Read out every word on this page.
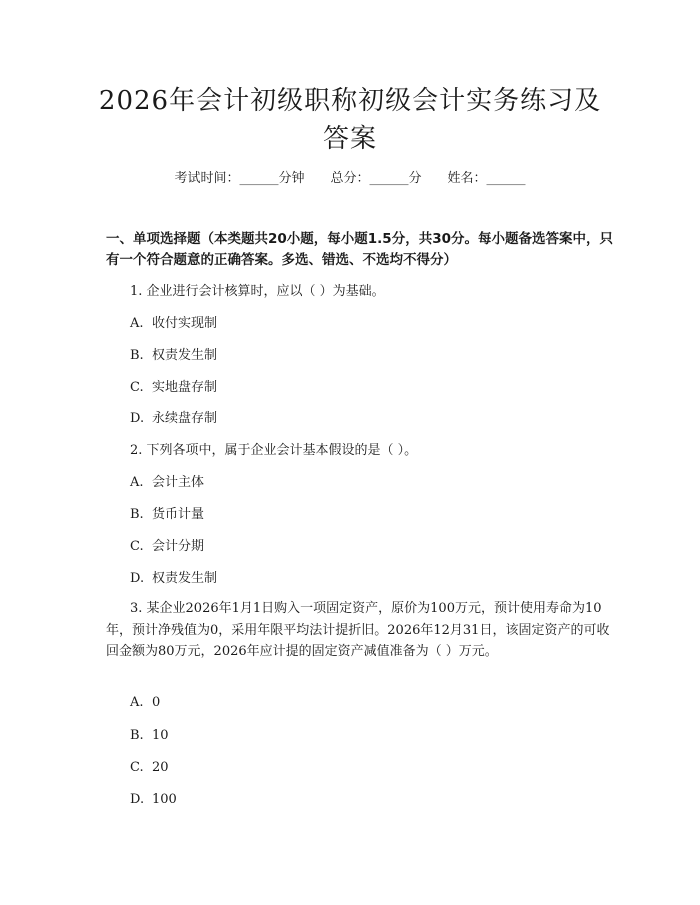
2026年会计初级职称初级会计实务练习及答案
考试时间：______分钟 总分：______分 姓名：______
一、单项选择题（本类题共20小题，每小题1.5分，共30分。每小题备选答案中，只有一个符合题意的正确答案。多选、错选、不选均不得分）
1. 企业进行会计核算时，应以（ ）为基础。
A. 收付实现制
B. 权责发生制
C. 实地盘存制
D. 永续盘存制
2. 下列各项中，属于企业会计基本假设的是（ ）。
A. 会计主体
B. 货币计量
C. 会计分期
D. 权责发生制
3. 某企业2026年1月1日购入一项固定资产，原价为100万元，预计使用寿命为10年，预计净残值为0，采用年限平均法计提折旧。2026年12月31日，该固定资产的可收回金额为80万元，2026年应计提的固定资产减值准备为（ ）万元。
A. 0
B. 10
C. 20
D. 100
